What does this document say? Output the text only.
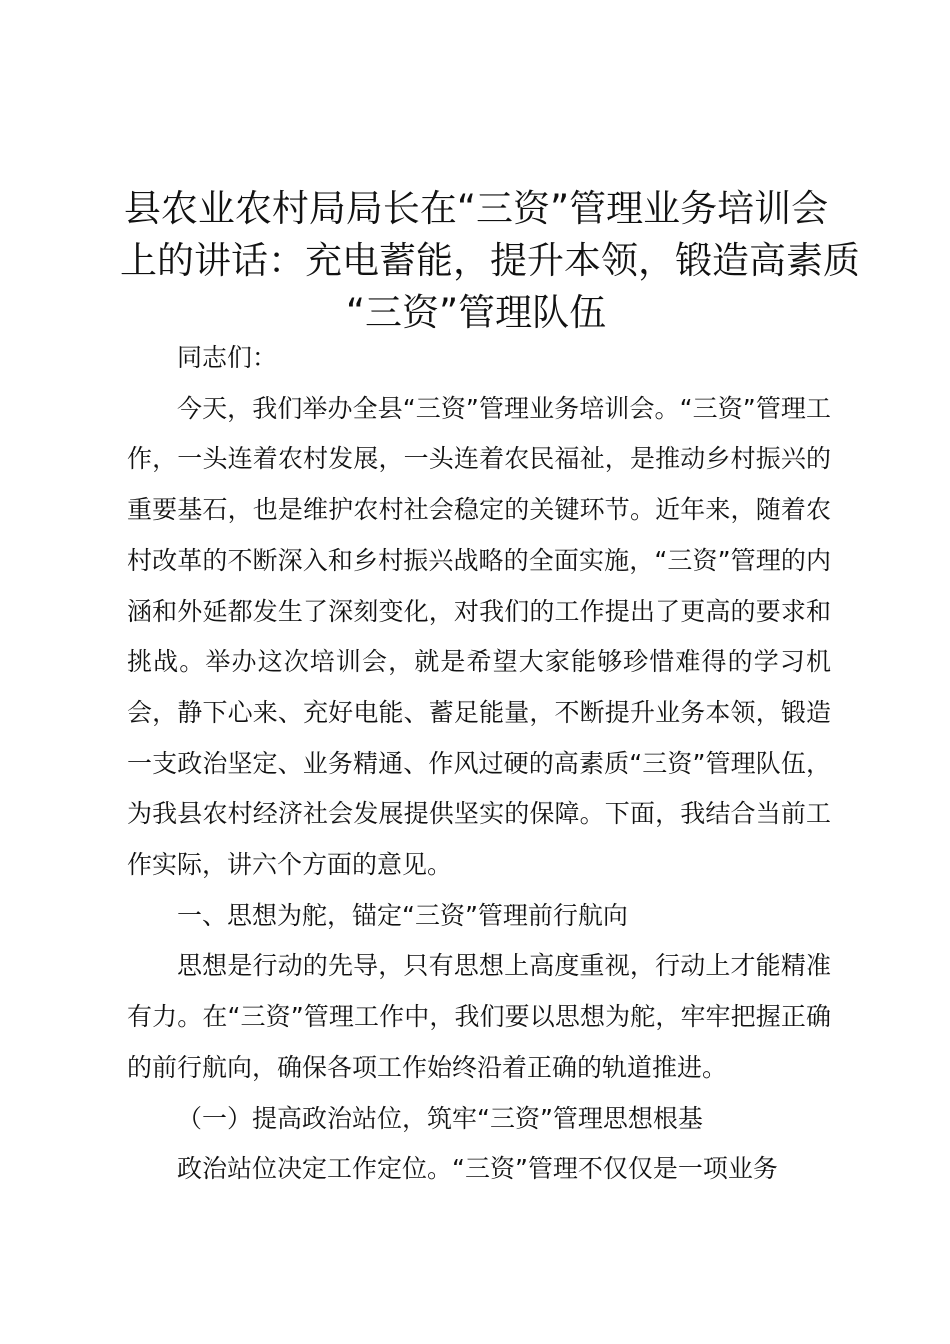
县农业农村局局长在“三资”管理业务培训会
上的讲话：充电蓄能，提升本领，锻造高素质
“三资”管理队伍

同志们：

今天，我们举办全县“三资”管理业务培训会。“三资”管理工作，一头连着农村发展，一头连着农民福祉，是推动乡村振兴的重要基石，也是维护农村社会稳定的关键环节。近年来，随着农村改革的不断深入和乡村振兴战略的全面实施，“三资”管理的内涵和外延都发生了深刻变化，对我们的工作提出了更高的要求和挑战。举办这次培训会，就是希望大家能够珍惜难得的学习机会，静下心来、充好电能、蓄足能量，不断提升业务本领，锻造一支政治坚定、业务精通、作风过硬的高素质“三资”管理队伍，为我县农村经济社会发展提供坚实的保障。下面，我结合当前工作实际，讲六个方面的意见。

一、思想为舵，锚定“三资”管理前行航向

思想是行动的先导，只有思想上高度重视，行动上才能精准有力。在“三资”管理工作中，我们要以思想为舵，牢牢把握正确的前行航向，确保各项工作始终沿着正确的轨道推进。

（一）提高政治站位，筑牢“三资”管理思想根基

政治站位决定工作定位。“三资”管理不仅仅是一项业务
